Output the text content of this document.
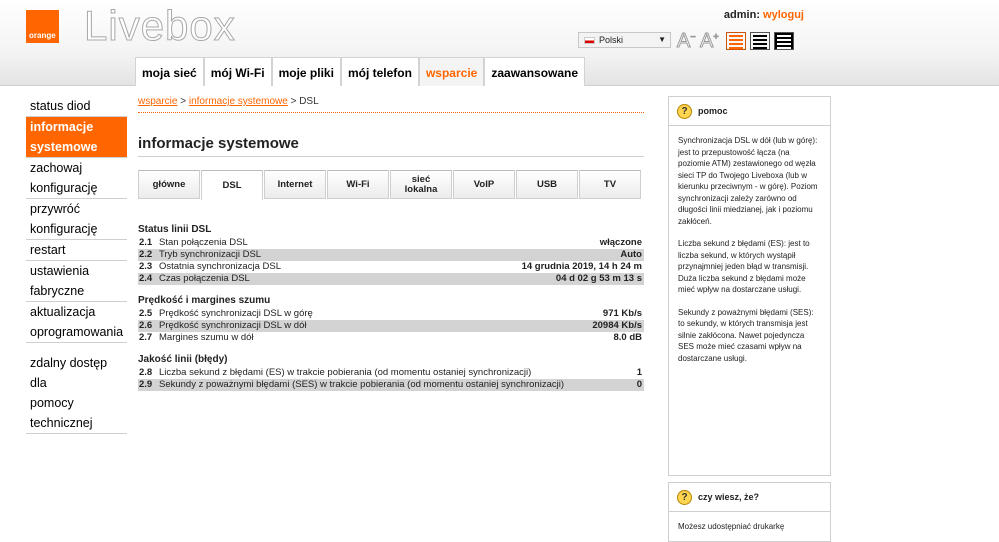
orange Livebox	admin: wyloguj
Polski	▼ A− A+
moja sieć	mój Wi-Fi	moje pliki	mój telefon	wsparcie	zaawansowane
status diod
informacje
systemowe
zachowaj
konfigurację
przywróć
konfigurację
restart
ustawienia
fabryczne
aktualizacja
oprogramowania
zdalny dostęp dla
pomocy
technicznej
wsparcie > informacje systemowe > DSL
informacje systemowe
główne	DSL	Internet	Wi-Fi	sieć
lokalna	VoIP	USB	TV
Status linii DSL
2.1 Stan połączenia DSL	włączone
2.2 Tryb synchronizacji DSL	Auto
2.3 Ostatnia synchronizacja DSL	14 grudnia 2019, 14 h 24 m
2.4 Czas połączenia DSL	04 d 02 g 53 m 13 s
Prędkość i margines szumu
2.5 Prędkość synchronizacji DSL w górę	971 Kb/s
2.6 Prędkość synchronizacji DSL w dół	20984 Kb/s
2.7 Margines szumu w dół	8.0 dB
Jakość linii (błędy)
2.8 Liczba sekund z błędami (ES) w trakcie pobierania (od momentu ostaniej synchronizacji)	1
2.9 Sekundy z poważnymi błędami (SES) w trakcie pobierania (od momentu ostaniej synchronizacji)	0
?	pomoc

Synchronizacja DSL w dół (lub w górę):
jest to przepustowość łącza (na poziomie ATM) zestawionego od węzła sieci TP do Twojego Liveboxa (lub w kierunku przeciwnym - w górę). Poziom synchronizacji zależy zarówno od długości linii miedzianej, jak i poziomu zakłóceń.

Liczba sekund z błędami (ES): jest to liczba sekund, w których wystąpił przynajmniej jeden błąd w transmisji. Duża liczba sekund z błędami może mieć wpływ na dostarczane usługi.

Sekundy z poważnymi błędami (SES): to sekundy, w których transmisja jest silnie zakłócona. Nawet pojedyncza SES może mieć czasami wpływ na dostarczane usługi.

?	czy wiesz, że?
Możesz udostępniać drukarkę
